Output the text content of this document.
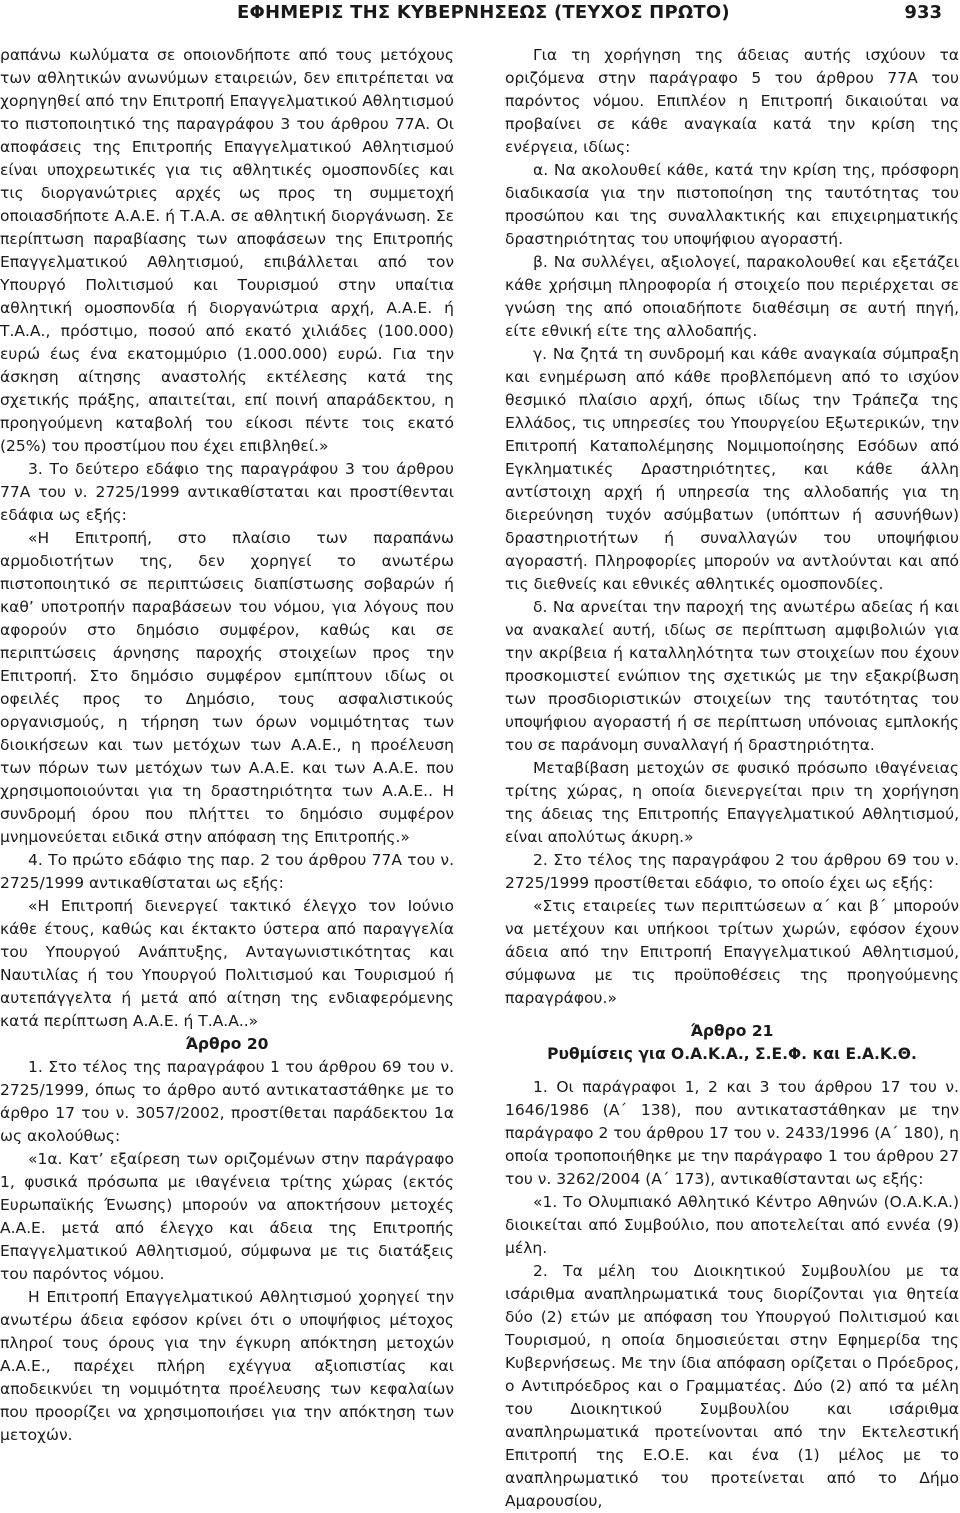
ΕΦΗΜΕΡΙΣ ΤΗΣ ΚΥΒΕΡΝΗΣΕΩΣ (ΤΕΥΧΟΣ ΠΡΩΤΟ)	933

ραπάνω κωλύματα σε οποιονδήποτε από τους μετόχους των αθλητικών ανωνύμων εταιρειών, δεν επιτρέπεται να χορηγηθεί από την Επιτροπή Επαγγελματικού Αθλητισμού το πιστοποιητικό της παραγράφου 3 του άρθρου 77Α. Οι αποφάσεις της Επιτροπής Επαγγελματικού Αθλητισμού είναι υποχρεωτικές για τις αθλητικές ομοσπονδίες και τις διοργανώτριες αρχές ως προς τη συμμετοχή οποιασδήποτε Α.Α.Ε. ή Τ.Α.Α. σε αθλητική διοργάνωση. Σε περίπτωση παραβίασης των αποφάσεων της Επιτροπής Επαγγελματικού Αθλητισμού, επιβάλλεται από τον Υπουργό Πολιτισμού και Τουρισμού στην υπαίτια αθλητική ομοσπονδία ή διοργανώτρια αρχή, Α.Α.Ε. ή Τ.Α.Α., πρόστιμο, ποσού από εκατό χιλιάδες (100.000) ευρώ έως ένα εκατομμύριο (1.000.000) ευρώ. Για την άσκηση αίτησης αναστολής εκτέλεσης κατά της σχετικής πράξης, απαιτείται, επί ποινή απαράδεκτου, η προηγούμενη καταβολή του είκοσι πέντε τοις εκατό (25%) του προστίμου που έχει επιβληθεί.»

3. Το δεύτερο εδάφιο της παραγράφου 3 του άρθρου 77Α του ν. 2725/1999 αντικαθίσταται και προστίθενται εδάφια ως εξής:

«Η Επιτροπή, στο πλαίσιο των παραπάνω αρμοδιοτήτων της, δεν χορηγεί το ανωτέρω πιστοποιητικό σε περιπτώσεις διαπίστωσης σοβαρών ή καθ’ υποτροπήν παραβάσεων του νόμου, για λόγους που αφορούν στο δημόσιο συμφέρον, καθώς και σε περιπτώσεις άρνησης παροχής στοιχείων προς την Επιτροπή. Στο δημόσιο συμφέρον εμπίπτουν ιδίως οι οφειλές προς το Δημόσιο, τους ασφαλιστικούς οργανισμούς, η τήρηση των όρων νομιμότητας των διοικήσεων και των μετόχων των Α.Α.Ε., η προέλευση των πόρων των μετόχων των Α.Α.Ε. και των Α.Α.Ε. που χρησιμοποιούνται για τη δραστηριότητα των Α.Α.Ε.. Η συνδρομή όρου που πλήττει το δημόσιο συμφέρον μνημονεύεται ειδικά στην απόφαση της Επιτροπής.»

4. Το πρώτο εδάφιο της παρ. 2 του άρθρου 77Α του ν. 2725/1999 αντικαθίσταται ως εξής:

«Η Επιτροπή διενεργεί τακτικό έλεγχο τον Ιούνιο κάθε έτους, καθώς και έκτακτο ύστερα από παραγγελία του Υπουργού Ανάπτυξης, Ανταγωνιστικότητας και Ναυτιλίας ή του Υπουργού Πολιτισμού και Τουρισμού ή αυτεπάγγελτα ή μετά από αίτηση της ενδιαφερόμενης κατά περίπτωση Α.Α.Ε. ή Τ.Α.Α..»

Άρθρο 20

1. Στο τέλος της παραγράφου 1 του άρθρου 69 του ν. 2725/1999, όπως το άρθρο αυτό αντικαταστάθηκε με το άρθρο 17 του ν. 3057/2002, προστίθεται παράδεκτου 1α ως ακολούθως:

«1α. Κατ’ εξαίρεση των οριζομένων στην παράγραφο 1, φυσικά πρόσωπα με ιθαγένεια τρίτης χώρας (εκτός Ευρωπαϊκής Ένωσης) μπορούν να αποκτήσουν μετοχές Α.Α.Ε. μετά από έλεγχο και άδεια της Επιτροπής Επαγγελματικού Αθλητισμού, σύμφωνα με τις διατάξεις του παρόντος νόμου.

Η Επιτροπή Επαγγελματικού Αθλητισμού χορηγεί την ανωτέρω άδεια εφόσον κρίνει ότι ο υποψήφιος μέτοχος πληροί τους όρους για την έγκυρη απόκτηση μετοχών Α.Α.Ε., παρέχει πλήρη εχέγγυα αξιοπιστίας και αποδεικνύει τη νομιμότητα προέλευσης των κεφαλαίων που προορίζει να χρησιμοποιήσει για την απόκτηση των μετοχών.

Για τη χορήγηση της άδειας αυτής ισχύουν τα οριζόμενα στην παράγραφο 5 του άρθρου 77Α του παρόντος νόμου. Επιπλέον η Επιτροπή δικαιούται να προβαίνει σε κάθε αναγκαία κατά την κρίση της ενέργεια, ιδίως:

α. Να ακολουθεί κάθε, κατά την κρίση της, πρόσφορη διαδικασία για την πιστοποίηση της ταυτότητας του προσώπου και της συναλλακτικής και επιχειρηματικής δραστηριότητας του υποψήφιου αγοραστή.

β. Να συλλέγει, αξιολογεί, παρακολουθεί και εξετάζει κάθε χρήσιμη πληροφορία ή στοιχείο που περιέρχεται σε γνώση της από οποιαδήποτε διαθέσιμη σε αυτή πηγή, είτε εθνική είτε της αλλοδαπής.

γ. Να ζητά τη συνδρομή και κάθε αναγκαία σύμπραξη και ενημέρωση από κάθε προβλεπόμενη από το ισχύον θεσμικό πλαίσιο αρχή, όπως ιδίως την Τράπεζα της Ελλάδος, τις υπηρεσίες του Υπουργείου Εξωτερικών, την Επιτροπή Καταπολέμησης Νομιμοποίησης Εσόδων από Εγκληματικές Δραστηριότητες, και κάθε άλλη αντίστοιχη αρχή ή υπηρεσία της αλλοδαπής για τη διερεύνηση τυχόν ασύμβατων (υπόπτων ή ασυνήθων) δραστηριοτήτων ή συναλλαγών του υποψήφιου αγοραστή. Πληροφορίες μπορούν να αντλούνται και από τις διεθνείς και εθνικές αθλητικές ομοσπονδίες.

δ. Να αρνείται την παροχή της ανωτέρω αδείας ή και να ανακαλεί αυτή, ιδίως σε περίπτωση αμφιβολιών για την ακρίβεια ή καταλληλότητα των στοιχείων που έχουν προσκομιστεί ενώπιον της σχετικώς με την εξακρίβωση των προσδιοριστικών στοιχείων της ταυτότητας του υποψήφιου αγοραστή ή σε περίπτωση υπόνοιας εμπλοκής του σε παράνομη συναλλαγή ή δραστηριότητα.

Μεταβίβαση μετοχών σε φυσικό πρόσωπο ιθαγένειας τρίτης χώρας, η οποία διενεργείται πριν τη χορήγηση της άδειας της Επιτροπής Επαγγελματικού Αθλητισμού, είναι απολύτως άκυρη.»

2. Στο τέλος της παραγράφου 2 του άρθρου 69 του ν. 2725/1999 προστίθεται εδάφιο, το οποίο έχει ως εξής:

«Στις εταιρείες των περιπτώσεων α΄ και β΄ μπορούν να μετέχουν και υπήκοοι τρίτων χωρών, εφόσον έχουν άδεια από την Επιτροπή Επαγγελματικού Αθλητισμού, σύμφωνα με τις προϋποθέσεις της προηγούμενης παραγράφου.»

Άρθρο 21

Ρυθμίσεις για Ο.Α.Κ.Α., Σ.Ε.Φ. και Ε.Α.Κ.Θ.

1. Οι παράγραφοι 1, 2 και 3 του άρθρου 17 του ν. 1646/1986 (Α΄ 138), που αντικαταστάθηκαν με την παράγραφο 2 του άρθρου 17 του ν. 2433/1996 (Α΄ 180), η οποία τροποποιήθηκε με την παράγραφο 1 του άρθρου 27 του ν. 3262/2004 (Α΄ 173), αντικαθίστανται ως εξής:

«1. Το Ολυμπιακό Αθλητικό Κέντρο Αθηνών (Ο.Α.Κ.Α.) διοικείται από Συμβούλιο, που αποτελείται από εννέα (9) μέλη.

2. Τα μέλη του Διοικητικού Συμβουλίου με τα ισάριθμα αναπληρωματικά τους διορίζονται για θητεία δύο (2) ετών με απόφαση του Υπουργού Πολιτισμού και Τουρισμού, η οποία δημοσιεύεται στην Εφημερίδα της Κυβερνήσεως. Με την ίδια απόφαση ορίζεται ο Πρόεδρος, ο Αντιπρόεδρος και ο Γραμματέας. Δύο (2) από τα μέλη του Διοικητικού Συμβουλίου και ισάριθμα αναπληρωματικά προτείνονται από την Εκτελεστική Επιτροπή της Ε.Ο.Ε. και ένα (1) μέλος με το αναπληρωματικό του προτείνεται από το Δήμο Αμαρουσίου,
